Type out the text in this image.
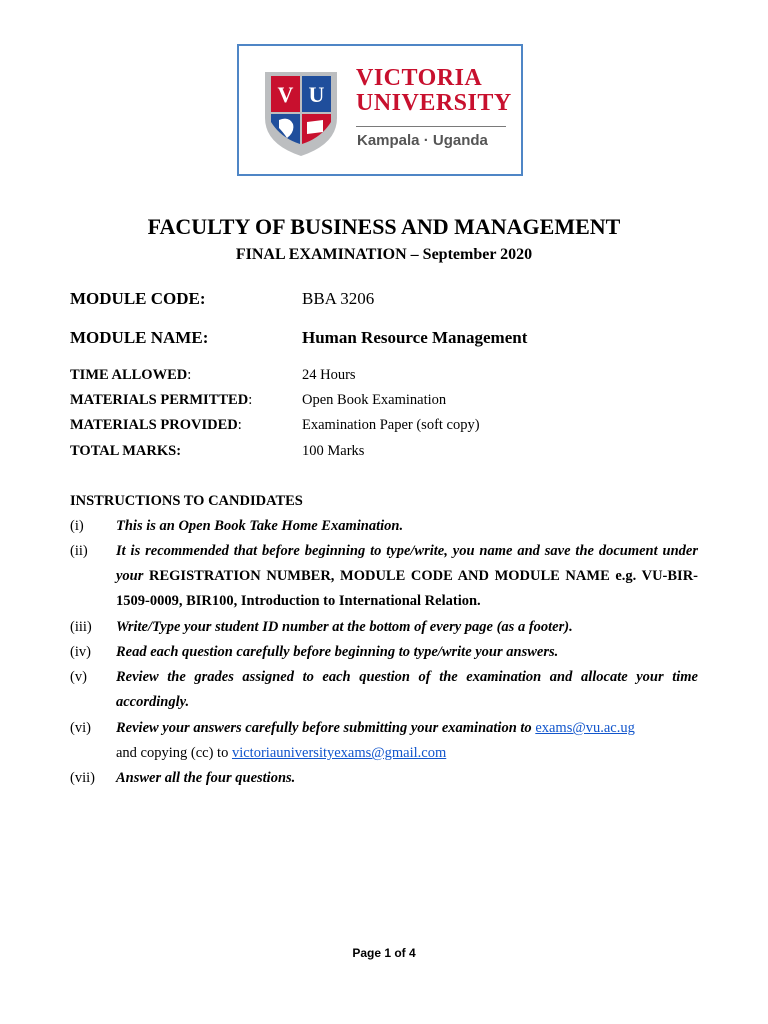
V U
VICTORIA
UNIVERSITY
Kampala · Uganda
FACULTY OF BUSINESS AND MANAGEMENT
FINAL EXAMINATION – September 2020
MODULE CODE:	BBA 3206
MODULE NAME:	Human Resource Management
TIME ALLOWED:	24 Hours
MATERIALS PERMITTED:	Open Book Examination
MATERIALS PROVIDED:	Examination Paper (soft copy)
TOTAL MARKS:	100 Marks
INSTRUCTIONS TO CANDIDATES
(i) This is an Open Book Take Home Examination.
(ii) It is recommended that before beginning to type/write, you name and save the document under your REGISTRATION NUMBER, MODULE CODE AND MODULE NAME e.g. VU-BIR-1509-0009, BIR100, Introduction to International Relation.
(iii) Write/Type your student ID number at the bottom of every page (as a footer).
(iv) Read each question carefully before beginning to type/write your answers.
(v) Review the grades assigned to each question of the examination and allocate your time accordingly.
(vi) Review your answers carefully before submitting your examination to exams@vu.ac.ug
and copying (cc) to victoriauniversityexams@gmail.com
(vii) Answer all the four questions.
Page 1 of 4
